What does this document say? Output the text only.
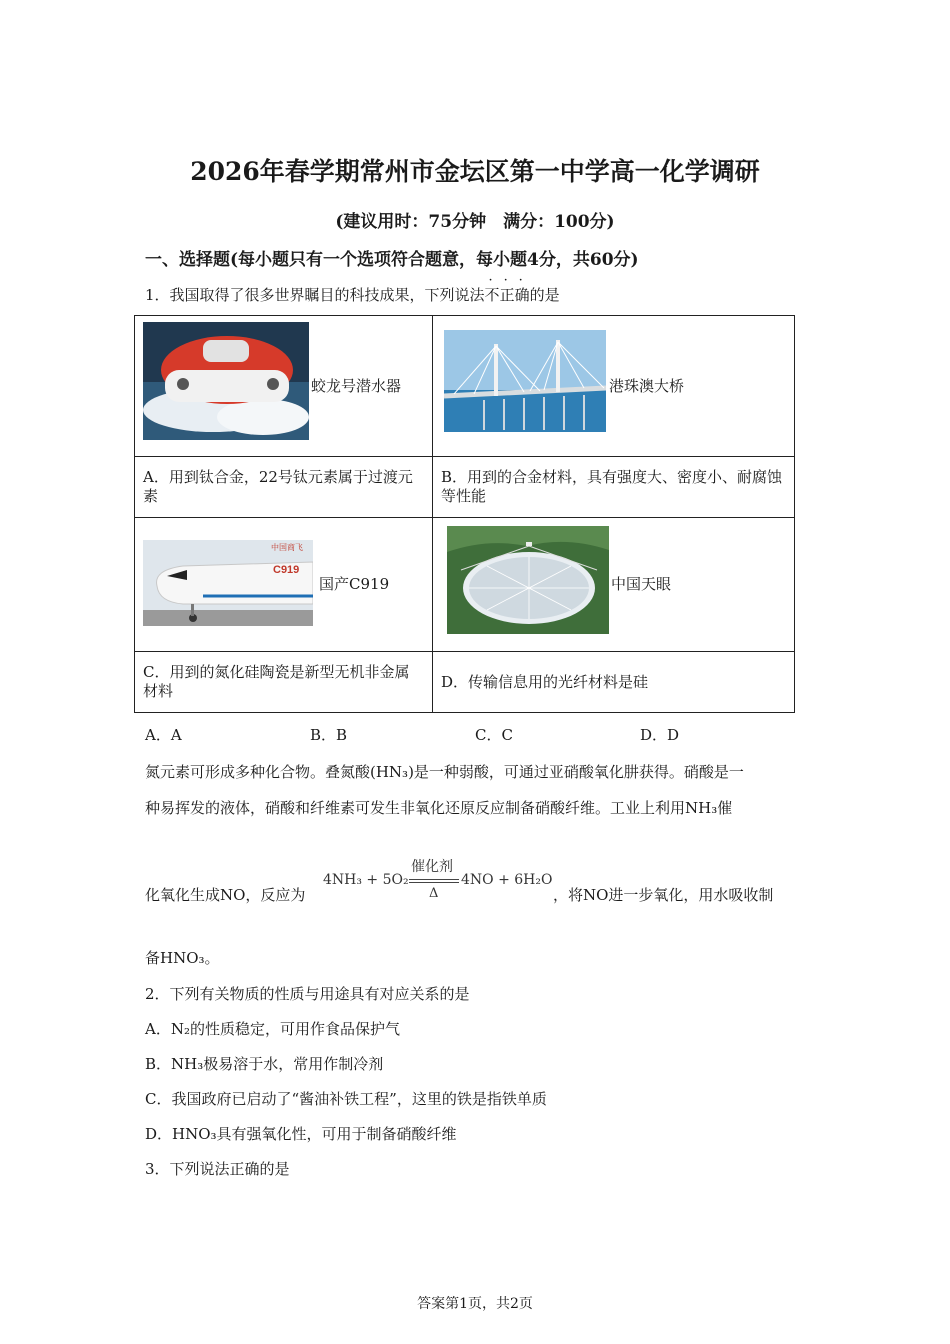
2026年春学期常州市金坛区第一中学高一化学调研
(建议用时：75分钟　满分：100分)
一、选择题(每小题只有一个选项符合题意，每小题4分，共60分)
1．我国取得了很多世界瞩目的科技成果，下列说法不正确的是
蛟龙号潜水器	港珠澳大桥

A．用到钛合金，22号钛元素属于过渡元素	B．用到的合金材料，具有强度大、密度小、耐腐蚀等性能

中国商飞
C919
国产C919	中国天眼

C．用到的氮化硅陶瓷是新型无机非金属材料	D．传输信息用的光纤材料是硅
A．A	B．B	C．C	D．D
氮元素可形成多种化合物。叠氮酸(HN₃)是一种弱酸，可通过亚硝酸氧化肼获得。硝酸是一
种易挥发的液体，硝酸和纤维素可发生非氧化还原反应制备硝酸纤维。工业上利用NH₃催
化氧化生成NO，反应为
4NH₃ + 5O₂
催化剂
Δ
4NO + 6H₂O
，将NO进一步氧化，用水吸收制
备HNO₃。
2．下列有关物质的性质与用途具有对应关系的是
A．N₂的性质稳定，可用作食品保护气
B．NH₃极易溶于水，常用作制冷剂
C．我国政府已启动了“酱油补铁工程”，这里的铁是指铁单质
D．HNO₃具有强氧化性，可用于制备硝酸纤维
3．下列说法正确的是
答案第1页，共2页
